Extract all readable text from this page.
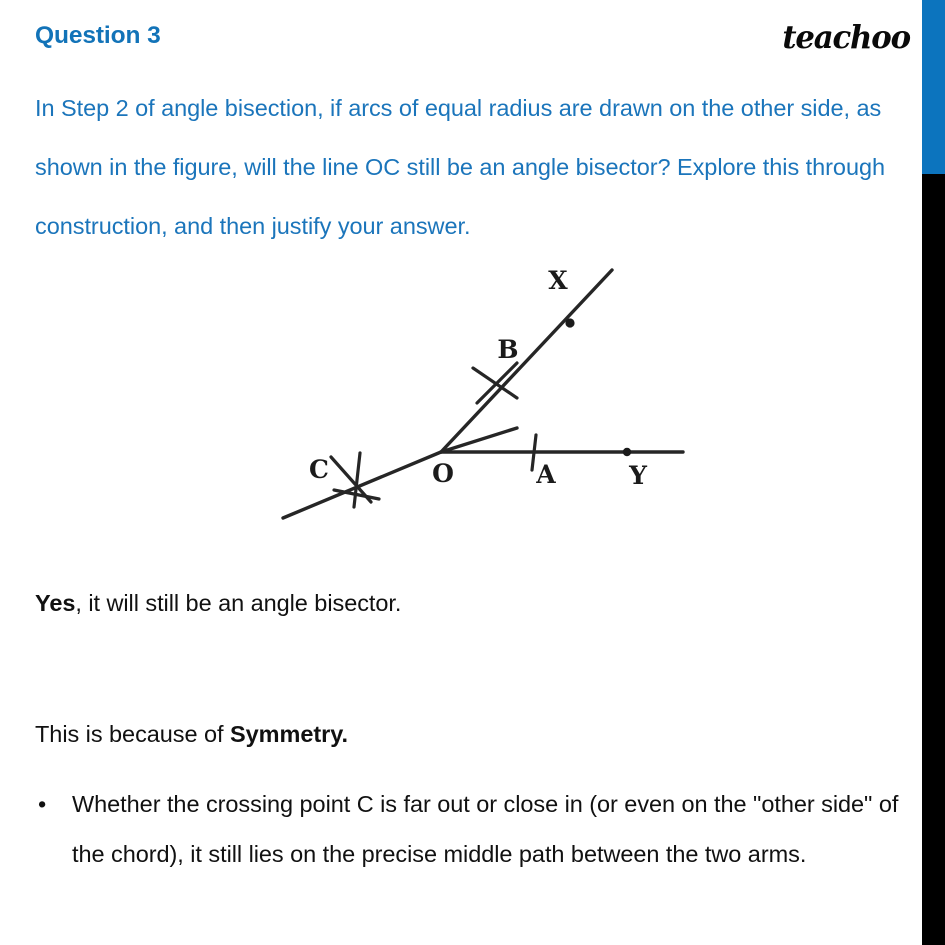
Question 3	teachoo
In Step 2 of angle bisection, if arcs of equal radius are drawn on the other side, as shown in the figure, will the line OC still be an angle bisector? Explore this through construction, and then justify your answer.
X
B
C	O	A	Y
Yes, it will still be an angle bisector.
This is because of Symmetry.
• Whether the crossing point C is far out or close in (or even on the "other side" of the chord), it still lies on the precise middle path between the two arms.
